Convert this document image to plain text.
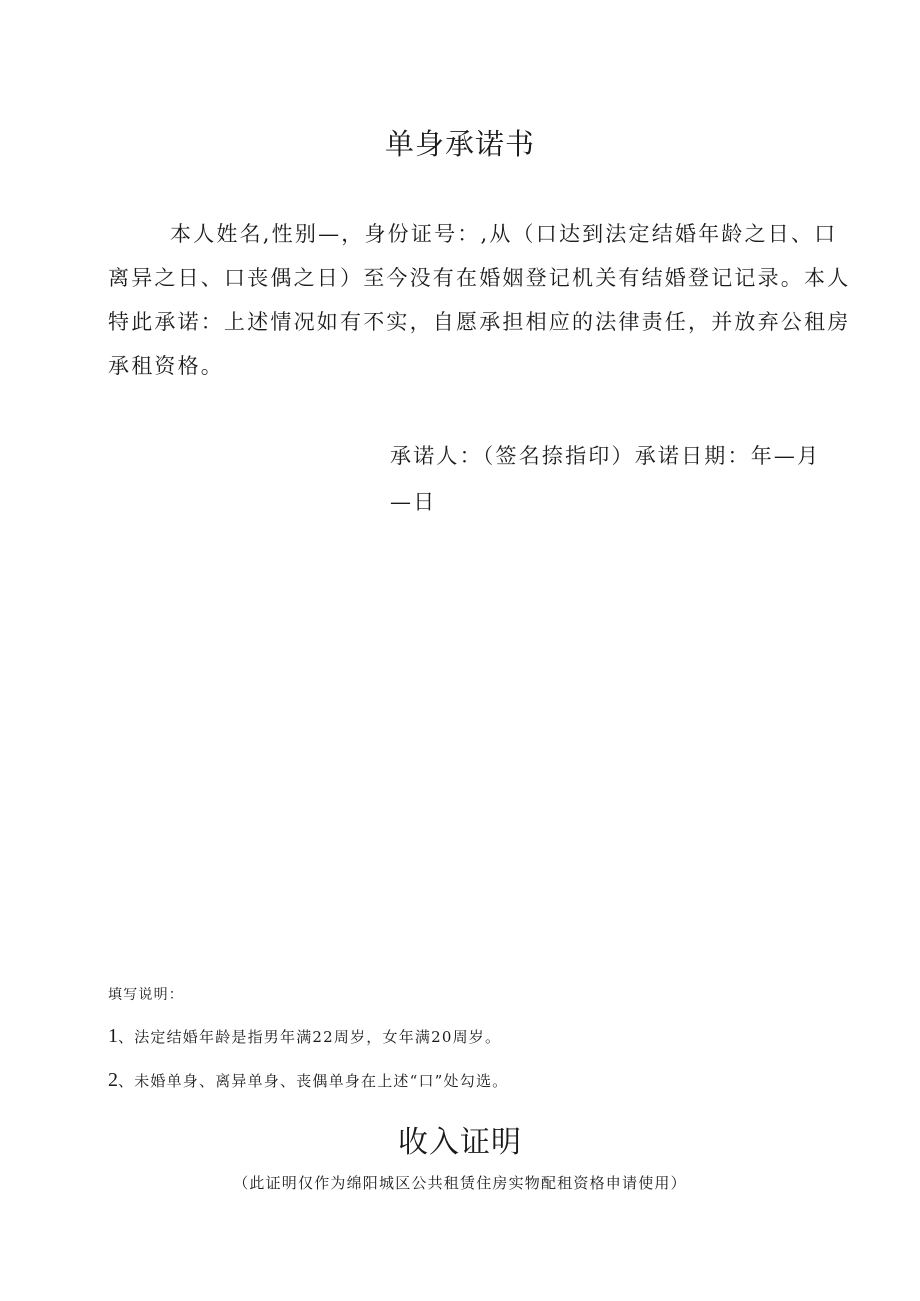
单身承诺书
本人姓名,性别—，身份证号：,从（口达到法定结婚年龄之日、口
离异之日、口丧偶之日）至今没有在婚姻登记机关有结婚登记记录。本人
特此承诺：上述情况如有不实，自愿承担相应的法律责任，并放弃公租房
承租资格。
承诺人：（签名捺指印）承诺日期：年—月
—日
填写说明：
1、法定结婚年龄是指男年满22周岁，女年满20周岁。
2、未婚单身、离异单身、丧偶单身在上述“口”处勾选。
收入证明
（此证明仅作为绵阳城区公共租赁住房实物配租资格申请使用）
